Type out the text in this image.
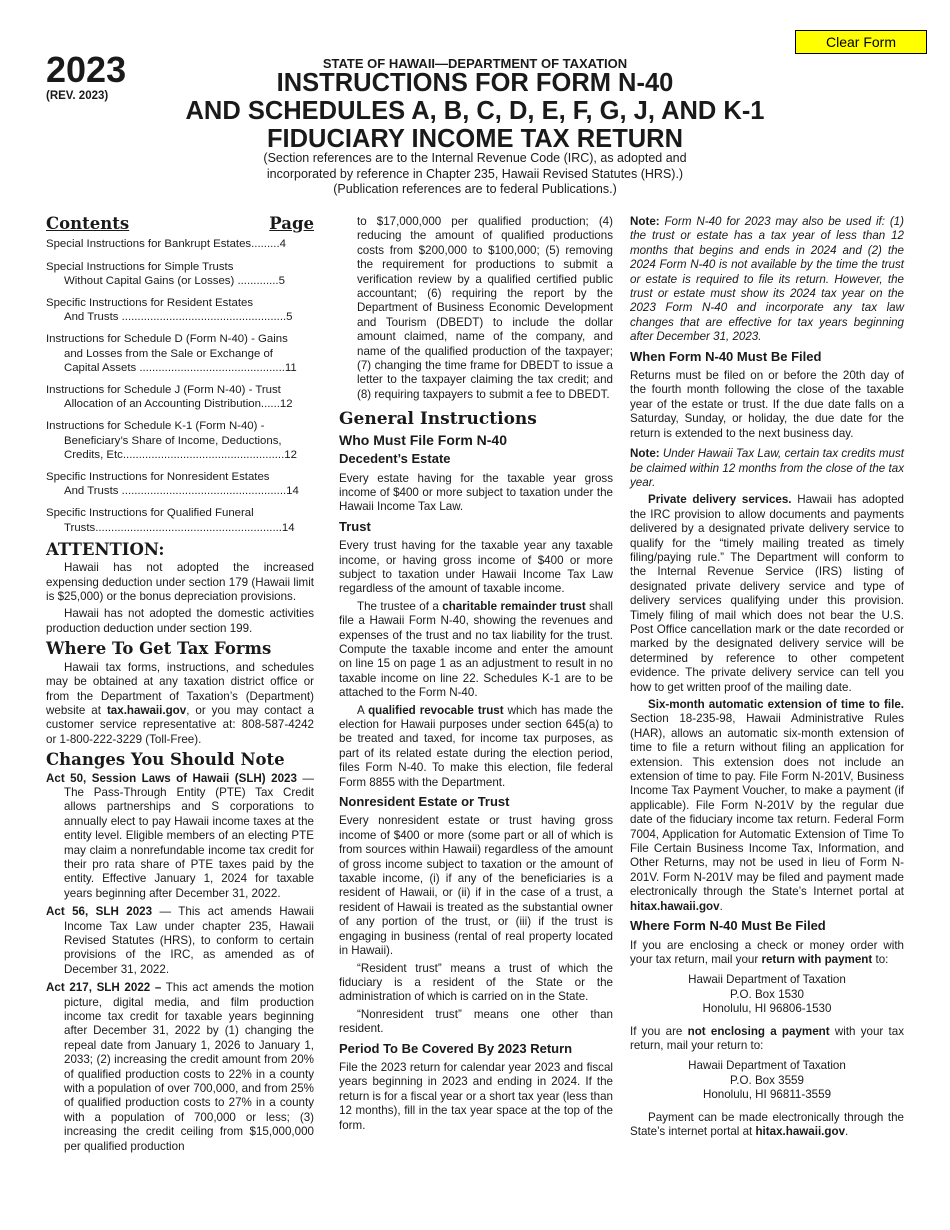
2023
(REV. 2023)
Clear Form
STATE OF HAWAII—DEPARTMENT OF TAXATION
INSTRUCTIONS FOR FORM N-40
AND SCHEDULES A, B, C, D, E, F, G, J, AND K-1
FIDUCIARY INCOME TAX RETURN
(Section references are to the Internal Revenue Code (IRC), as adopted and
incorporated by reference in Chapter 235, Hawaii Revised Statutes (HRS).)
(Publication references are to federal Publications.)
Contents	Page
Special Instructions for Bankrupt Estates.........4
Special Instructions for Simple Trusts
Without Capital Gains (or Losses) .............5
Specific Instructions for Resident Estates
And Trusts ....................................................5
Instructions for Schedule D (Form N-40) - Gains
and Losses from the Sale or Exchange of
Capital Assets ..............................................11
Instructions for Schedule J (Form N-40) - Trust
Allocation of an Accounting Distribution......12
Instructions for Schedule K-1 (Form N-40) -
Beneficiary’s Share of Income, Deductions,
Credits, Etc...................................................12
Specific Instructions for Nonresident Estates
And Trusts ....................................................14
Specific Instructions for Qualified Funeral
Trusts...........................................................14
ATTENTION:

Hawaii has not adopted the increased expensing deduction under section 179 (Hawaii limit is $25,000) or the bonus depreciation provisions.

Hawaii has not adopted the domestic activities production deduction under section 199.

Where To Get Tax Forms

Hawaii tax forms, instructions, and schedules may be obtained at any taxation district office or from the Department of Taxation’s (Department) website at tax.hawaii.gov, or you may contact a customer service representative at: 808-587-4242 or 1-800-222-3229 (Toll-Free).

Changes You Should Note
Act 50, Session Laws of Hawaii (SLH) 2023 — The Pass-Through Entity (PTE) Tax Credit allows partnerships and S corporations to annually elect to pay Hawaii income taxes at the entity level. Eligible members of an electing PTE may claim a nonrefundable income tax credit for their pro rata share of PTE taxes paid by the entity. Effective January 1, 2024 for taxable years beginning after December 31, 2022.
Act 56, SLH 2023 — This act amends Hawaii Income Tax Law under chapter 235, Hawaii Revised Statutes (HRS), to conform to certain provisions of the IRC, as amended as of December 31, 2022.
Act 217, SLH 2022 – This act amends the motion picture, digital media, and film production income tax credit for taxable years beginning after December 31, 2022 by (1) changing the repeal date from January 1, 2026 to January 1, 2033; (2) increasing the credit amount from 20% of qualified production costs to 22% in a county with a population of over 700,000, and from 25% of qualified production costs to 27% in a county with a population of 700,000 or less; (3) increasing the credit ceiling from $15,000,000 per qualified production

to $17,000,000 per qualified production; (4) reducing the amount of qualified productions costs from $200,000 to $100,000; (5) removing the requirement for productions to submit a verification review by a qualified certified public accountant; (6) requiring the report by the Department of Business Economic Development and Tourism (DBEDT) to include the dollar amount claimed, name of the company, and name of the qualified production of the taxpayer; (7) changing the time frame for DBEDT to issue a letter to the taxpayer claiming the tax credit; and (8) requiring taxpayers to submit a fee to DBEDT.

General Instructions
Who Must File Form N-40
Decedent’s Estate

Every estate having for the taxable year gross income of $400 or more subject to taxation under the Hawaii Income Tax Law.

Trust

Every trust having for the taxable year any taxable income, or having gross income of $400 or more subject to taxation under Hawaii Income Tax Law regardless of the amount of taxable income.

The trustee of a charitable remainder trust shall file a Hawaii Form N-40, showing the revenues and expenses of the trust and no tax liability for the trust. Compute the taxable income and enter the amount on line 15 on page 1 as an adjustment to result in no taxable income on line 22. Schedules K-1 are to be attached to the Form N-40.

A qualified revocable trust which has made the election for Hawaii purposes under section 645(a) to be treated and taxed, for income tax purposes, as part of its related estate during the election period, files Form N-40. To make this election, file federal Form 8855 with the Department.

Nonresident Estate or Trust

Every nonresident estate or trust having gross income of $400 or more (some part or all of which is from sources within Hawaii) regardless of the amount of gross income subject to taxation or the amount of taxable income, (i) if any of the beneficiaries is a resident of Hawaii, or (ii) if in the case of a trust, a resident of Hawaii is treated as the substantial owner of any portion of the trust, or (iii) if the trust is engaging in business (rental of real property located in Hawaii).

“Resident trust” means a trust of which the fiduciary is a resident of the State or the administration of which is carried on in the State.

“Nonresident trust” means one other than resident.

Period To Be Covered By 2023 Return

File the 2023 return for calendar year 2023 and fiscal years beginning in 2023 and ending in 2024. If the return is for a fiscal year or a short tax year (less than 12 months), fill in the tax year space at the top of the form.

Note: Form N-40 for 2023 may also be used if: (1) the trust or estate has a tax year of less than 12 months that begins and ends in 2024 and (2) the 2024 Form N-40 is not available by the time the trust or estate is required to file its return. However, the trust or estate must show its 2024 tax year on the 2023 Form N-40 and incorporate any tax law changes that are effective for tax years beginning after December 31, 2023.

When Form N-40 Must Be Filed

Returns must be filed on or before the 20th day of the fourth month following the close of the taxable year of the estate or trust. If the due date falls on a Saturday, Sunday, or holiday, the due date for the return is extended to the next business day.

Note: Under Hawaii Tax Law, certain tax credits must be claimed within 12 months from the close of the tax year.

Private delivery services. Hawaii has adopted the IRC provision to allow documents and payments delivered by a designated private delivery service to qualify for the “timely mailing treated as timely filing/paying rule.” The Department will conform to the Internal Revenue Service (IRS) listing of designated private delivery service and type of delivery services qualifying under this provision. Timely filing of mail which does not bear the U.S. Post Office cancellation mark or the date recorded or marked by the designated delivery service will be determined by reference to other competent evidence. The private delivery service can tell you how to get written proof of the mailing date.

Six-month automatic extension of time to file. Section 18-235-98, Hawaii Administrative Rules (HAR), allows an automatic six-month extension of time to file a return without filing an application for extension. This extension does not include an extension of time to pay. File Form N-201V, Business Income Tax Payment Voucher, to make a payment (if applicable). File Form N-201V by the regular due date of the fiduciary income tax return. Federal Form 7004, Application for Automatic Extension of Time To File Certain Business Income Tax, Information, and Other Returns, may not be used in lieu of Form N-201V. Form N-201V may be filed and payment made electronically through the State’s Internet portal at hitax.hawaii.gov.

Where Form N-40 Must Be Filed

If you are enclosing a check or money order with your tax return, mail your return with payment to:

Hawaii Department of Taxation
P.O. Box 1530
Honolulu, HI 96806-1530

If you are not enclosing a payment with your tax return, mail your return to:

Hawaii Department of Taxation
P.O. Box 3559
Honolulu, HI 96811-3559

Payment can be made electronically through the State’s internet portal at hitax.hawaii.gov.
